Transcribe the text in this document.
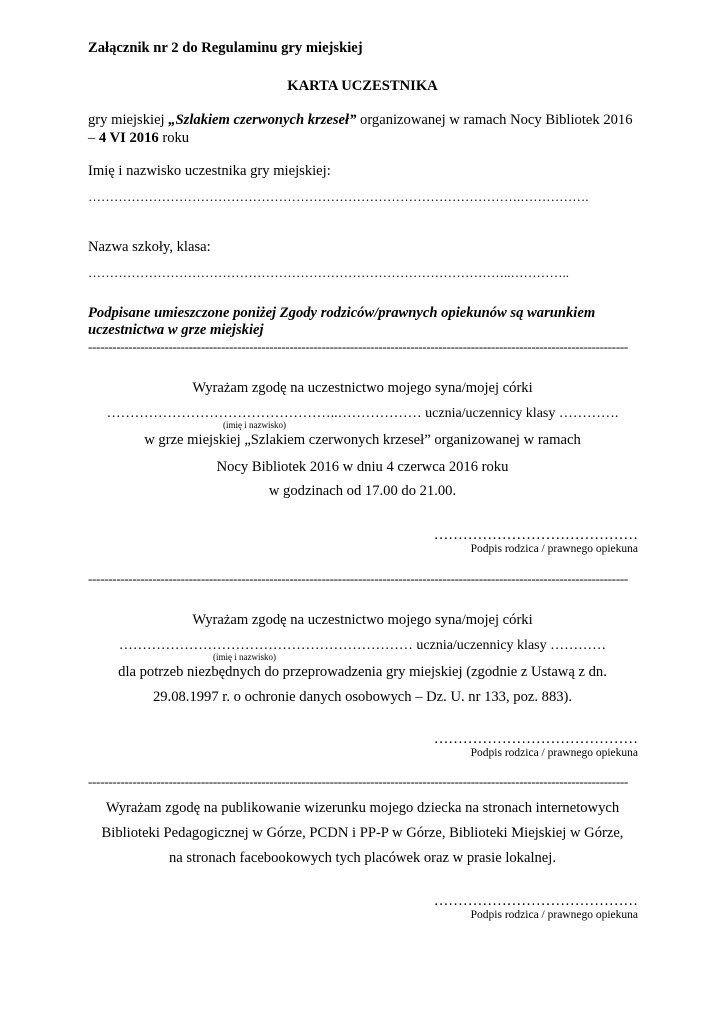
Załącznik nr 2 do Regulaminu gry miejskiej
KARTA UCZESTNIKA
gry miejskiej „Szlakiem czerwonych krzeseł” organizowanej w ramach Nocy Bibliotek 2016
– 4 VI 2016 roku
Imię i nazwisko uczestnika gry miejskiej:
……………………………………………………………………………………….…………….
Nazwa szkoły, klasa:
……………………………………………………………………………………..…………..
Podpisane umieszczone poniżej Zgody rodziców/prawnych opiekunów są warunkiem
uczestnictwa w grze miejskiej
--------------------------------------------------------------------------------------------------------------------------------------
Wyrażam zgodę na uczestnictwo mojego syna/mojej córki
…………………………………………..……………… ucznia/uczennicy klasy ………….
(imię i nazwisko)
w grze miejskiej „Szlakiem czerwonych krzeseł” organizowanej w ramach
Nocy Bibliotek 2016 w dniu 4 czerwca 2016 roku
w godzinach od 17.00 do 21.00.
……………………………………
Podpis rodzica / prawnego opiekuna
--------------------------------------------------------------------------------------------------------------------------------------
Wyrażam zgodę na uczestnictwo mojego syna/mojej córki
……………………………………………………… ucznia/uczennicy klasy …………
(imię i nazwisko)
dla potrzeb niezbędnych do przeprowadzenia gry miejskiej (zgodnie z Ustawą z dn.
29.08.1997 r. o ochronie danych osobowych – Dz. U. nr 133, poz. 883).
……………………………………
Podpis rodzica / prawnego opiekuna
--------------------------------------------------------------------------------------------------------------------------------------
Wyrażam zgodę na publikowanie wizerunku mojego dziecka na stronach internetowych
Biblioteki Pedagogicznej w Górze, PCDN i PP-P w Górze, Biblioteki Miejskiej w Górze,
na stronach facebookowych tych placówek oraz w prasie lokalnej.
……………………………………
Podpis rodzica / prawnego opiekuna
